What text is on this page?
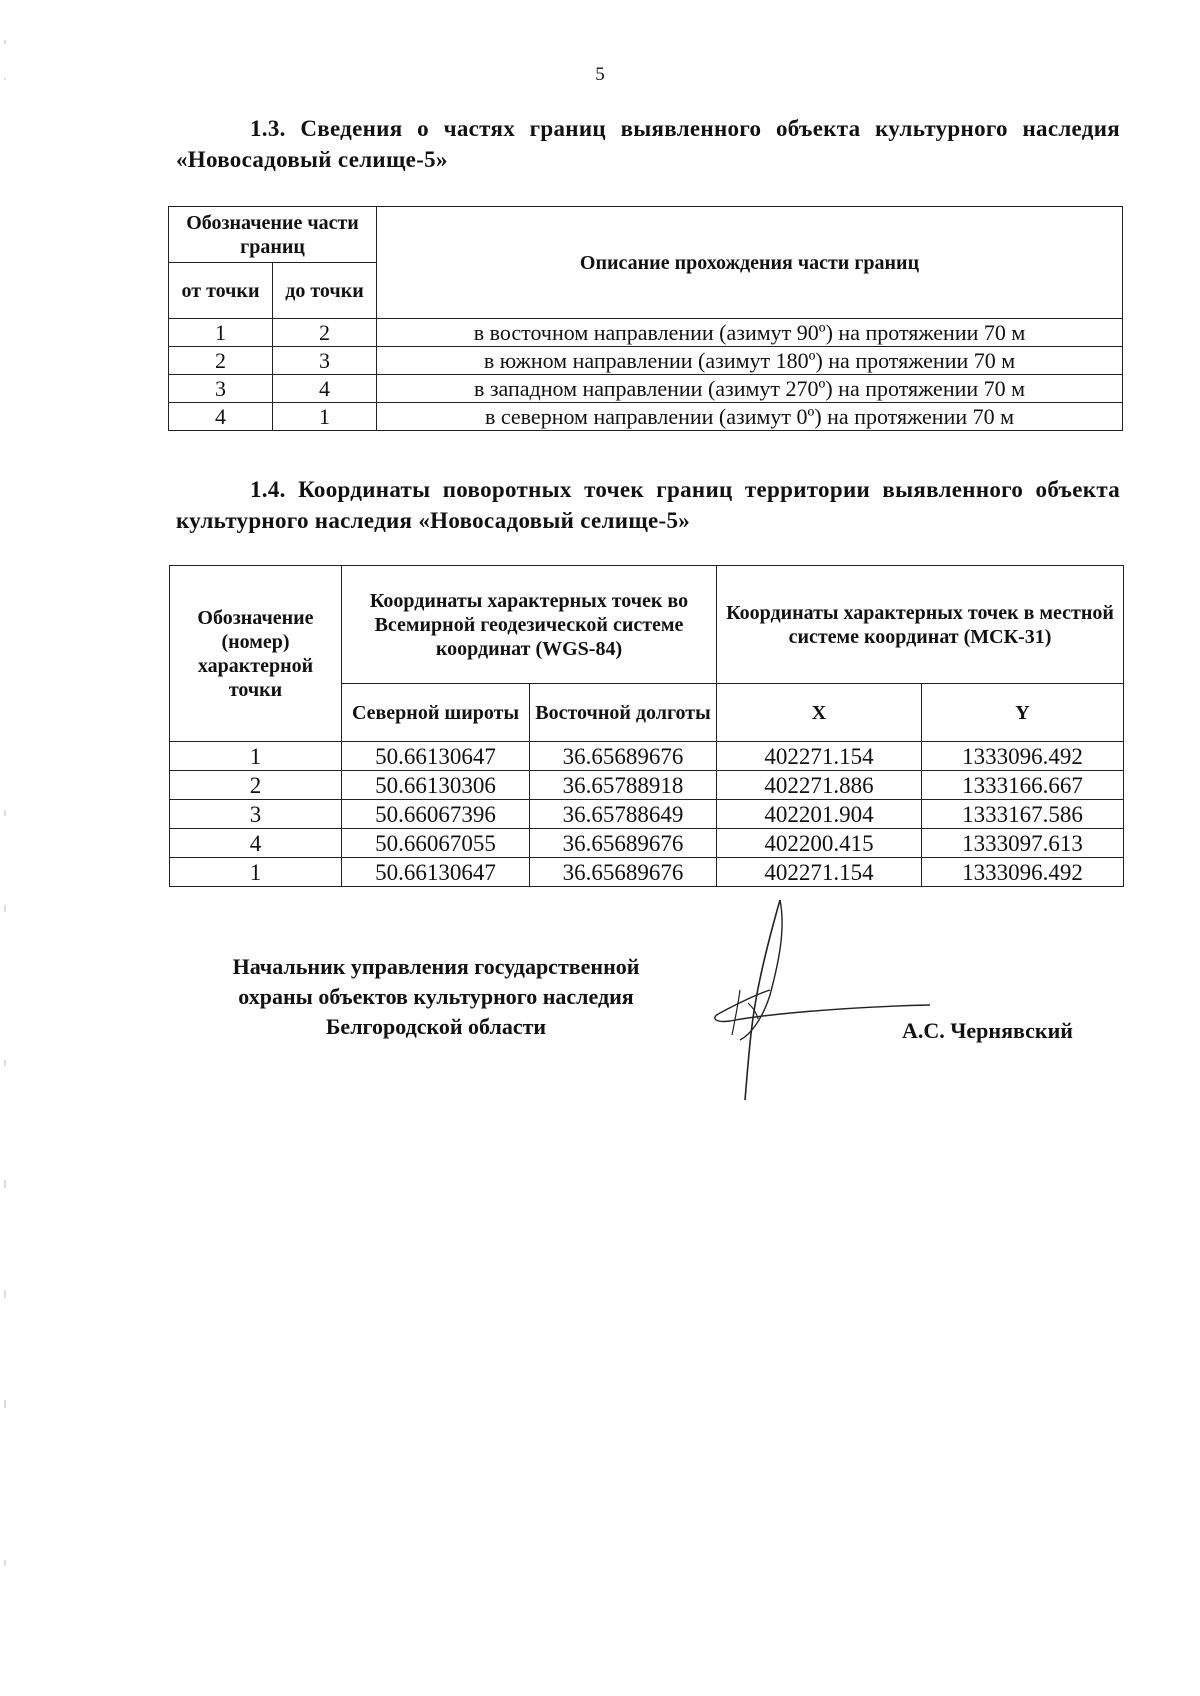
5
1.3. Сведения о частях границ выявленного объекта культурного наследия «Новосадовый селище-5»
Обозначение части границ		Описание прохождения части границ
от точки	до точки	
1	2	в восточном направлении (азимут 90º) на протяжении 70 м
2	3	в южном направлении (азимут 180º) на протяжении 70 м
3	4	в западном направлении (азимут 270º) на протяжении 70 м
4	1	в северном направлении (азимут 0º) на протяжении 70 м
1.4. Координаты поворотных точек границ территории выявленного объекта культурного наследия «Новосадовый селище-5»
Обозначение (номер) характерной точки	Координаты характерных точек во Всемирной геодезической системе координат (WGS-84)		Координаты характерных точек в местной системе координат (МСК-31)	
	Северной широты	Восточной долготы	X	Y
1	50.66130647	36.65689676	402271.154	1333096.492
2	50.66130306	36.65788918	402271.886	1333166.667
3	50.66067396	36.65788649	402201.904	1333167.586
4	50.66067055	36.65689676	402200.415	1333097.613
1	50.66130647	36.65689676	402271.154	1333096.492
Начальник управления государственной
охраны объектов культурного наследия
Белгородской области	А.С. Чернявский
